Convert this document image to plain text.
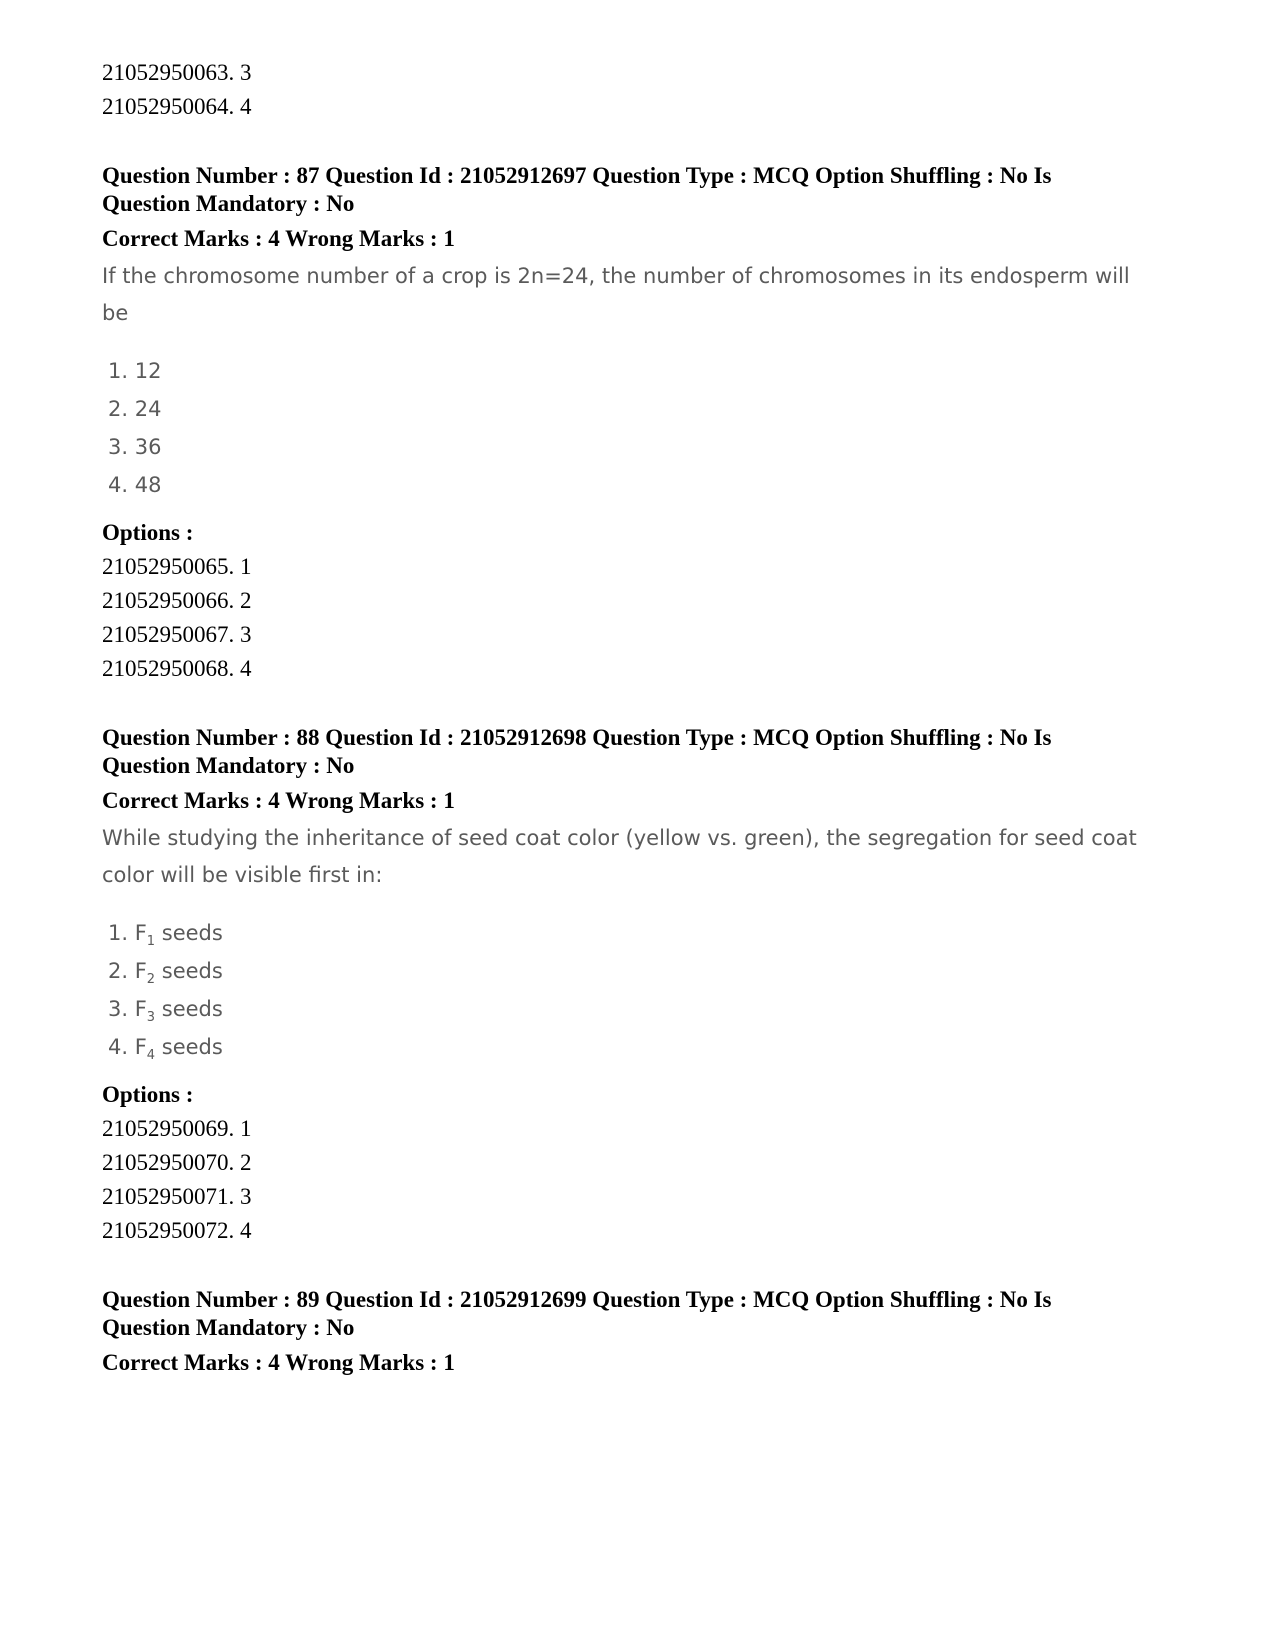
21052950063. 3
21052950064. 4
Question Number : 87 Question Id : 21052912697 Question Type : MCQ Option Shuffling : No Is Question Mandatory : No
Correct Marks : 4 Wrong Marks : 1
If the chromosome number of a crop is 2n=24, the number of chromosomes in its endosperm will be
1. 12
2. 24
3. 36
4. 48
Options :
21052950065. 1
21052950066. 2
21052950067. 3
21052950068. 4
Question Number : 88 Question Id : 21052912698 Question Type : MCQ Option Shuffling : No Is Question Mandatory : No
Correct Marks : 4 Wrong Marks : 1
While studying the inheritance of seed coat color (yellow vs. green), the segregation for seed coat color will be visible first in:
1. $F_1$ seeds
2. $F_2$ seeds
3. $F_3$ seeds
4. $F_4$ seeds
Options :
21052950069. 1
21052950070. 2
21052950071. 3
21052950072. 4
Question Number : 89 Question Id : 21052912699 Question Type : MCQ Option Shuffling : No Is Question Mandatory : No
Correct Marks : 4 Wrong Marks : 1
